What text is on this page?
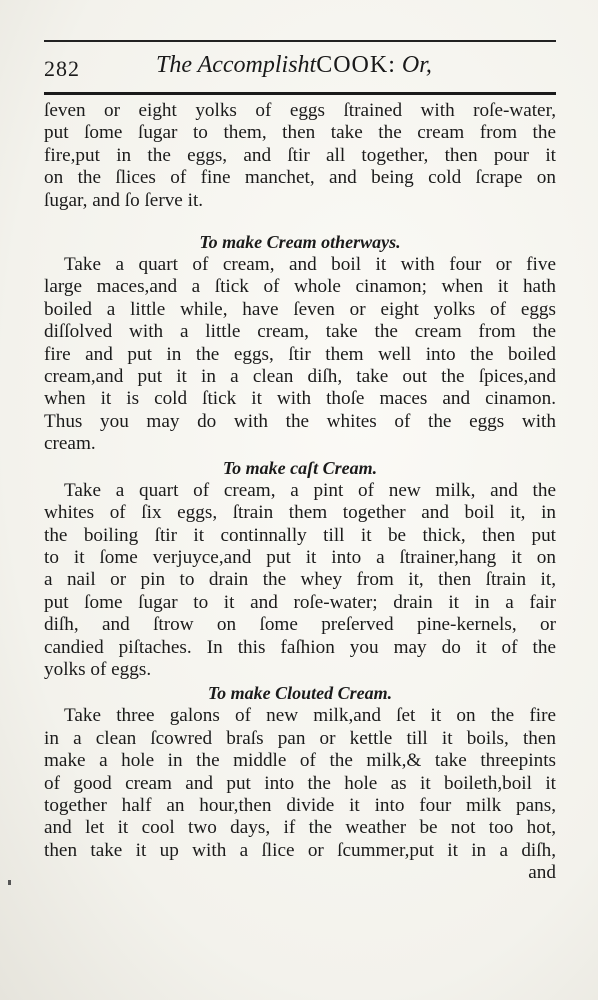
282	The AccomplishtCOOK: Or,

ſeven or eight yolks of eggs ſtrained with roſe-water,
put ſome ſugar to them, then take the cream from the
fire,put in the eggs, and ſtir all together, then pour it
on the ſlices of fine manchet, and being cold ſcrape on
ſugar, and ſo ſerve it.

To make Cream otherways.

Take a quart of cream, and boil it with four or five
large maces,and a ſtick of whole cinamon; when it hath
boiled a little while, have ſeven or eight yolks of eggs
diſſolved with a little cream, take the cream from the
fire and put in the eggs, ſtir them well into the boiled
cream,and put it in a clean diſh, take out the ſpices,and
when it is cold ſtick it with thoſe maces and cinamon.
Thus you may do with the whites of the eggs with
cream.

To make caſt Cream.

Take a quart of cream, a pint of new milk, and the
whites of ſix eggs, ſtrain them together and boil it, in
the boiling ſtir it continnally till it be thick, then put
to it ſome verjuyce,and put it into a ſtrainer,hang it on
a nail or pin to drain the whey from it, then ſtrain it,
put ſome ſugar to it and roſe-water; drain it in a fair
diſh, and ſtrow on ſome preſerved pine-kernels, or
candied piſtaches. In this faſhion you may do it of the
yolks of eggs.

To make Clouted Cream.

Take three galons of new milk,and ſet it on the fire
in a clean ſcowred braſs pan or kettle till it boils, then
make a hole in the middle of the milk,& take threepints
of good cream and put into the hole as it boileth,boil it
together half an hour,then divide it into four milk pans,
and let it cool two days, if the weather be not too hot,
then take it up with a ſlice or ſcummer,put it in a diſh,
and
